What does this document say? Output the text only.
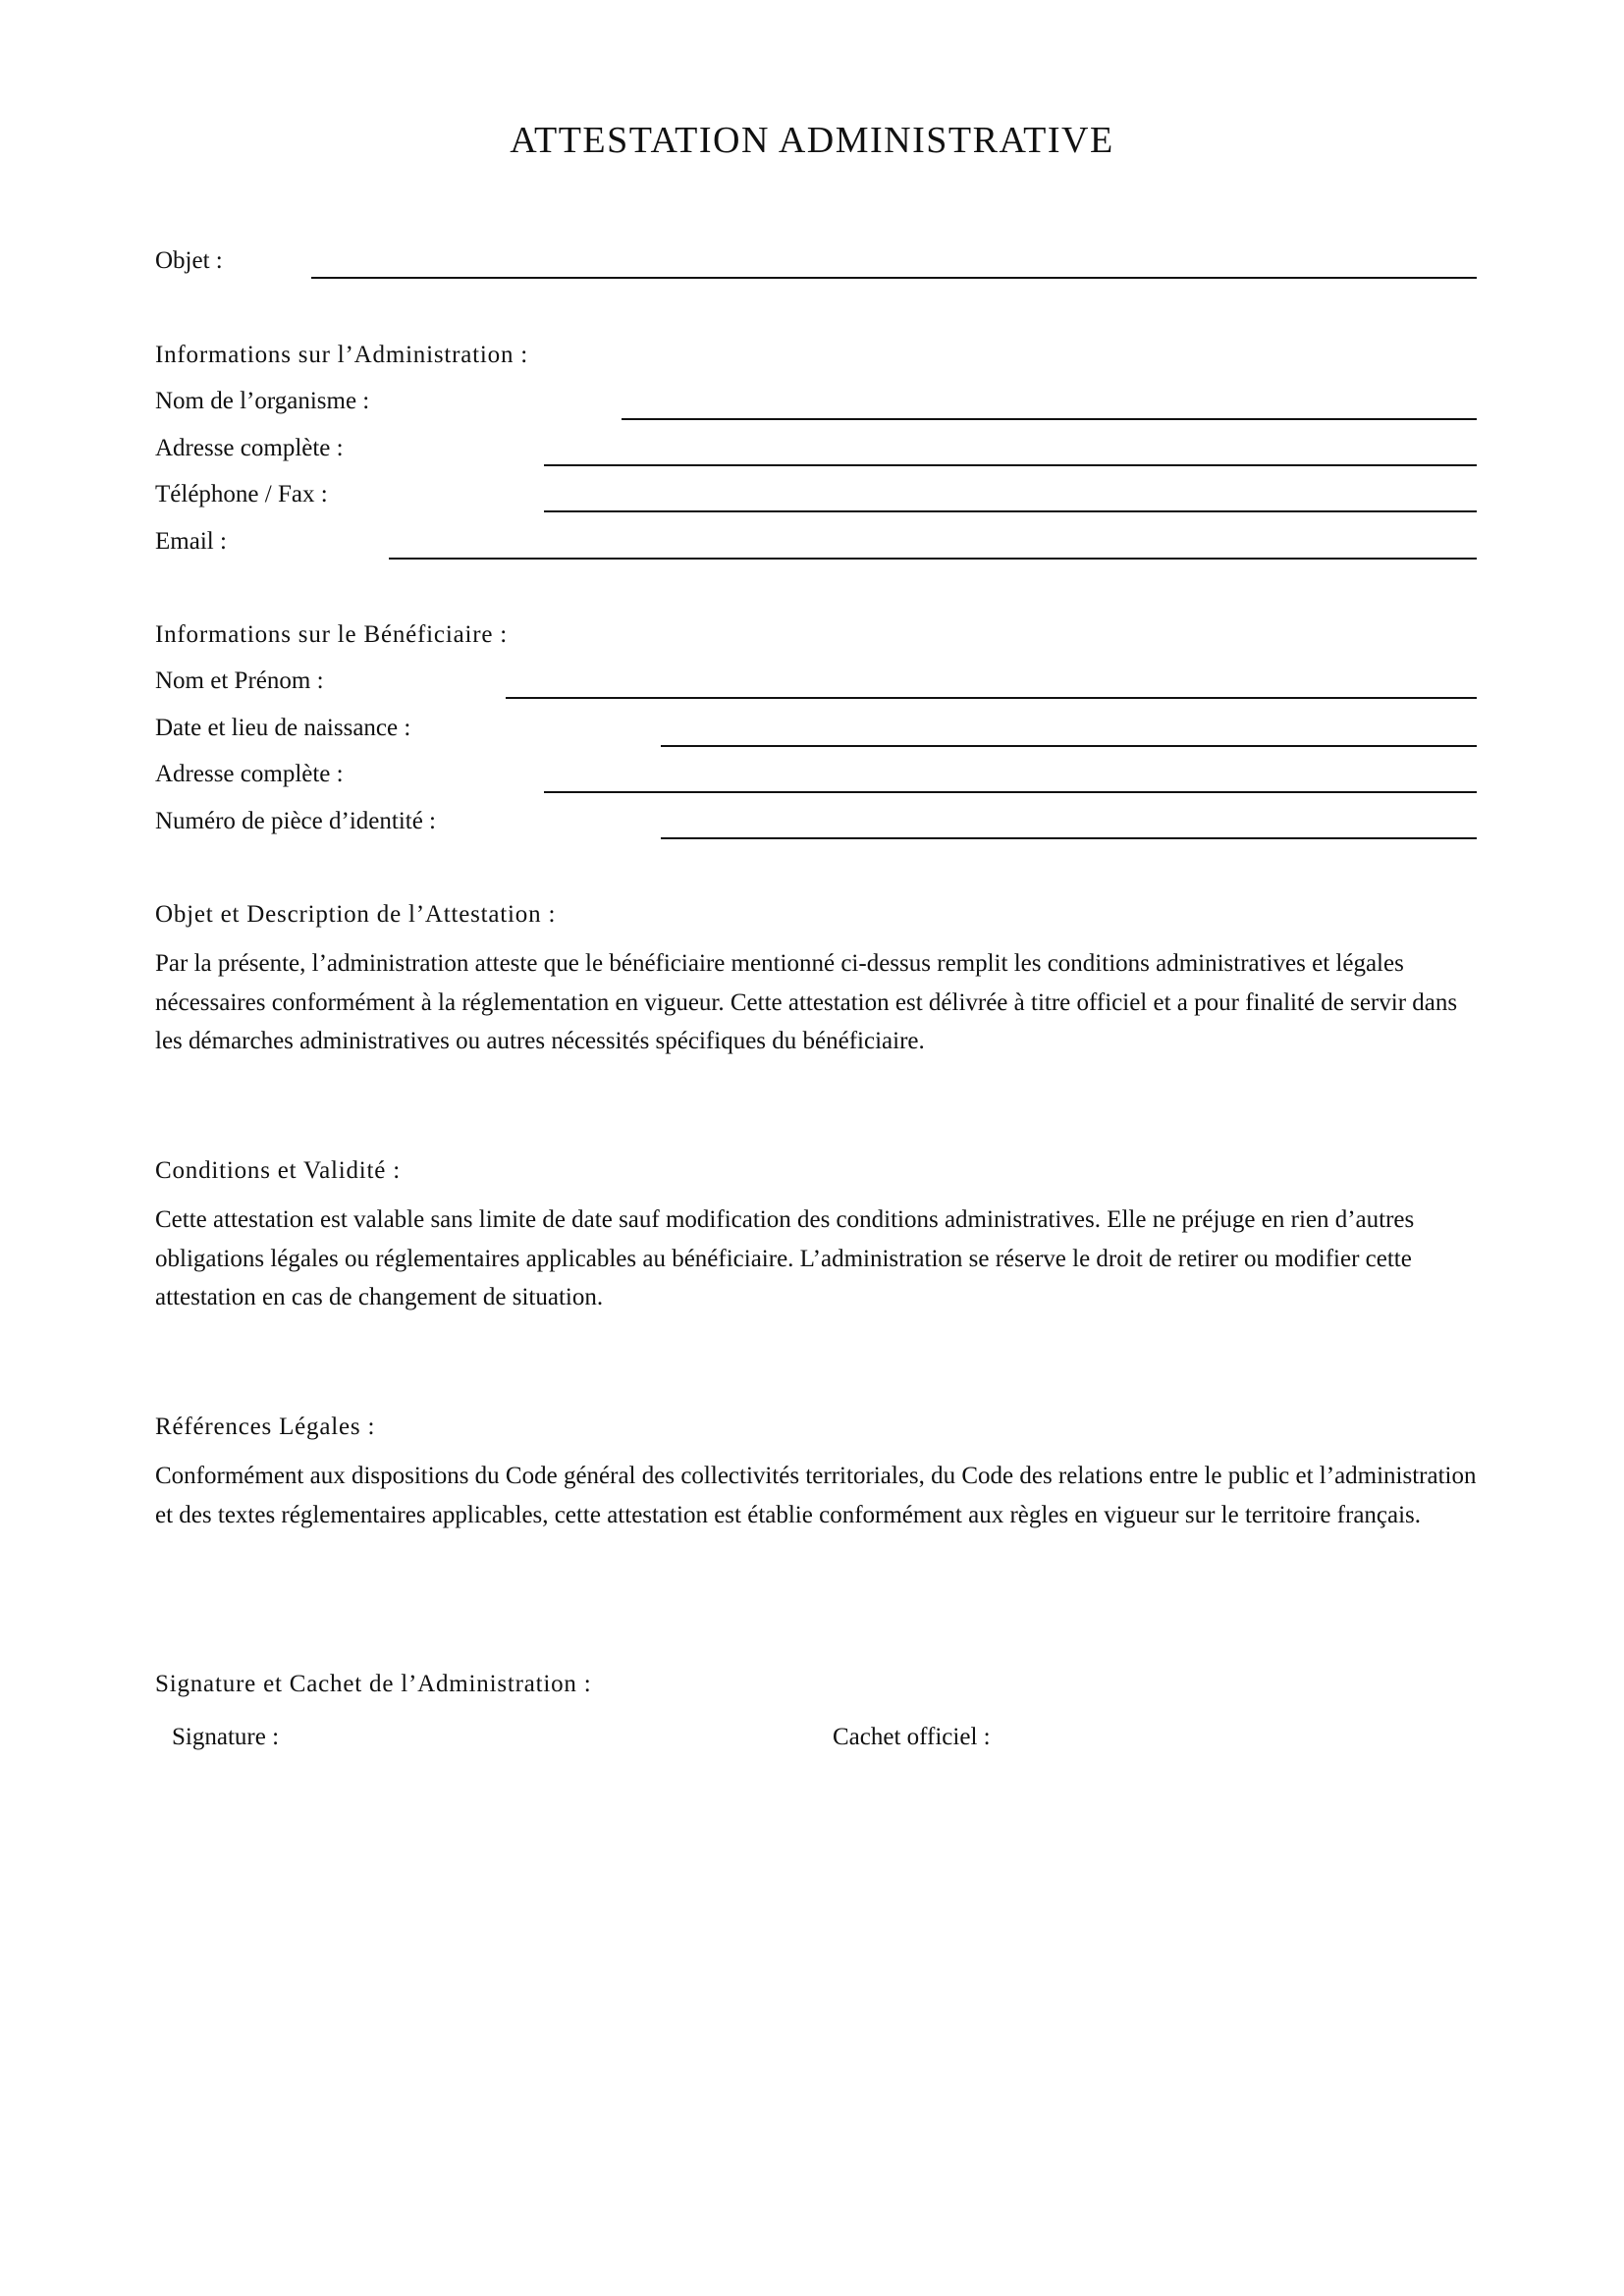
ATTESTATION ADMINISTRATIVE
Objet :
Informations sur l’Administration :
Nom de l’organisme :
Adresse complète :
Téléphone / Fax :
Email :
Informations sur le Bénéficiaire :
Nom et Prénom :
Date et lieu de naissance :
Adresse complète :
Numéro de pièce d’identité :
Objet et Description de l’Attestation :
Par la présente, l’administration atteste que le bénéficiaire mentionné ci-dessus remplit les conditions administratives et légales nécessaires conformément à la réglementation en vigueur. Cette attestation est délivrée à titre officiel et a pour finalité de servir dans les démarches administratives ou autres nécessités spécifiques du bénéficiaire.
Conditions et Validité :
Cette attestation est valable sans limite de date sauf modification des conditions administratives. Elle ne préjuge en rien d’autres obligations légales ou réglementaires applicables au bénéficiaire. L’administration se réserve le droit de retirer ou modifier cette attestation en cas de changement de situation.
Références Légales :
Conformément aux dispositions du Code général des collectivités territoriales, du Code des relations entre le public et l’administration et des textes réglementaires applicables, cette attestation est établie conformément aux règles en vigueur sur le territoire français.
Signature et Cachet de l’Administration :
Signature :	Cachet officiel :
